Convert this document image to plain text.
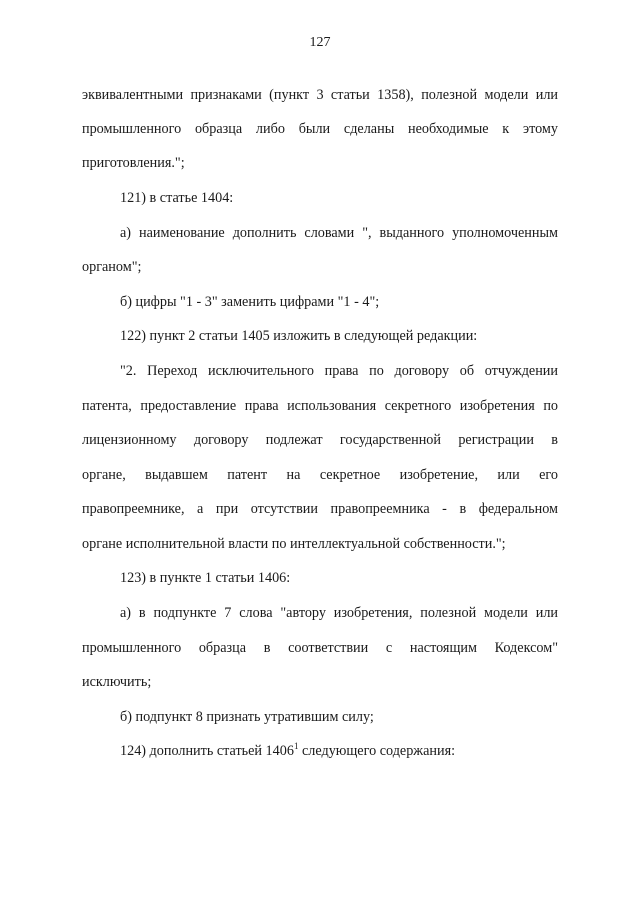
127
эквивалентными признаками (пункт 3 статьи 1358), полезной модели или
промышленного образца либо были сделаны необходимые к этому
приготовления.";
121) в статье 1404:
а) наименование дополнить словами ", выданного уполномоченным
органом";
б) цифры "1 - 3" заменить цифрами "1 - 4";
122) пункт 2 статьи 1405 изложить в следующей редакции:
"2. Переход исключительного права по договору об отчуждении
патента, предоставление права использования секретного изобретения по
лицензионному договору подлежат государственной регистрации в
органе, выдавшем патент на секретное изобретение, или его
правопреемнике, а при отсутствии правопреемника - в федеральном
органе исполнительной власти по интеллектуальной собственности.";
123) в пункте 1 статьи 1406:
а) в подпункте 7 слова "автору изобретения, полезной модели или
промышленного образца в соответствии с настоящим Кодексом"
исключить;
б) подпункт 8 признать утратившим силу;
124) дополнить статьей 1406$^1$ следующего содержания:
